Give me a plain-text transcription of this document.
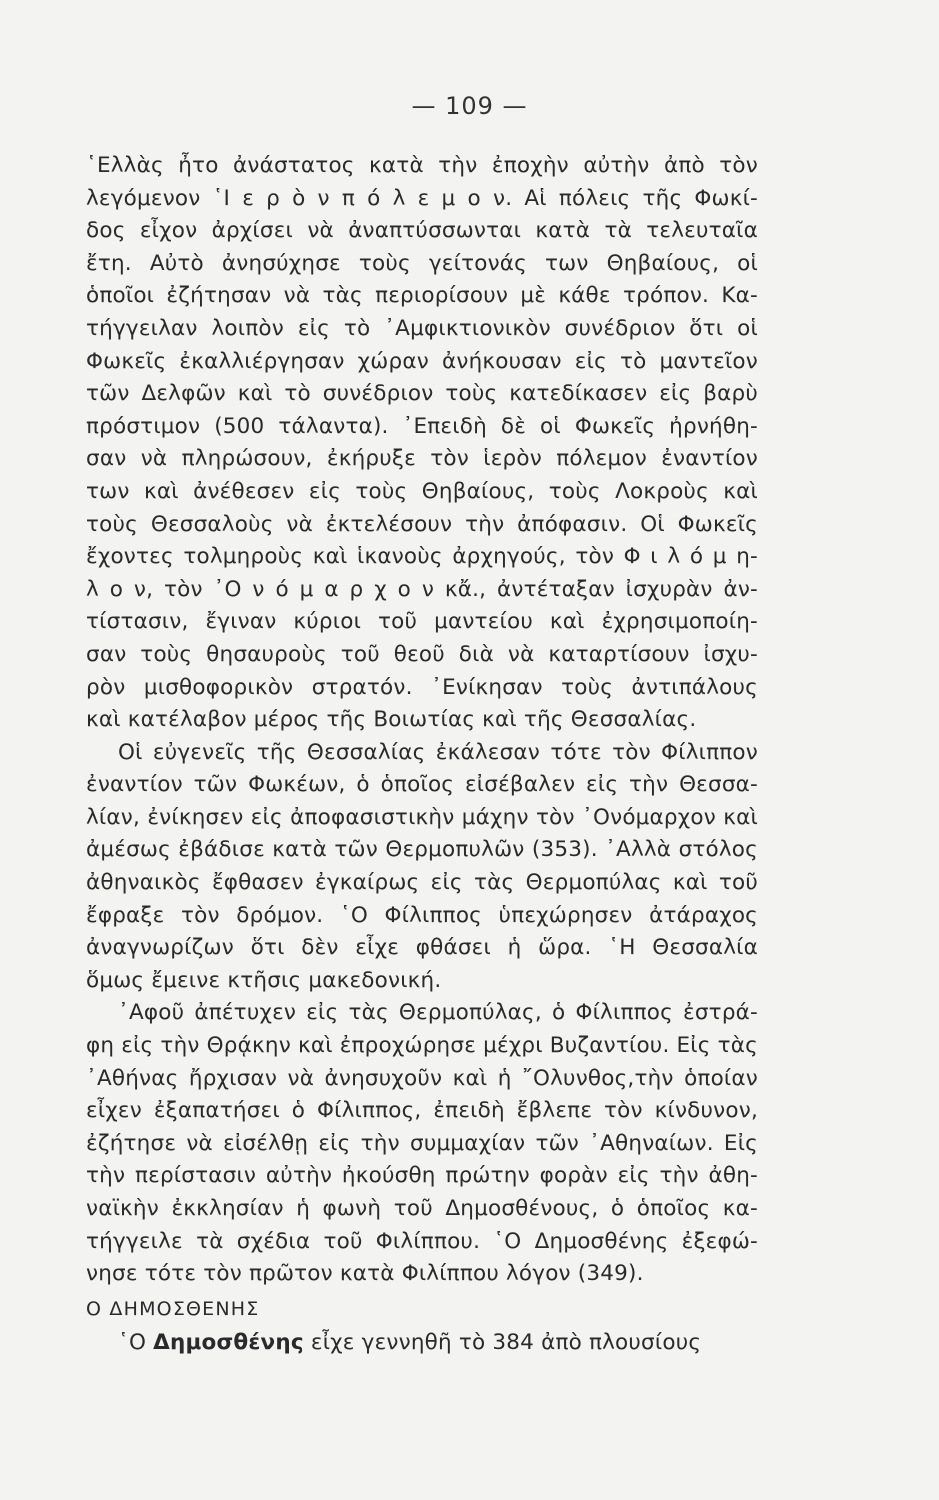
— 109 —
῾Ελλὰς ἦτο ἀνάστατος κατὰ τὴν ἐποχὴν αὐτὴν ἀπὸ τὸν
λεγόμενον ῾Ι ε ρ ὸ ν π ό λ ε μ ο ν. Αἱ πόλεις τῆς Φωκί-
δος εἶχον ἀρχίσει νὰ ἀναπτύσσωνται κατὰ τὰ τελευταῖα
ἔτη. Αὐτὸ ἀνησύχησε τοὺς γείτονάς των Θηβαίους, οἱ
ὁποῖοι ἐζήτησαν νὰ τὰς περιορίσουν μὲ κάθε τρόπον. Κα-
τήγγειλαν λοιπὸν εἰς τὸ ᾿Αμφικτιονικὸν συνέδριον ὅτι οἱ
Φωκεῖς ἐκαλλιέργησαν χώραν ἀνήκουσαν εἰς τὸ μαντεῖον
τῶν Δελφῶν καὶ τὸ συνέδριον τοὺς κατεδίκασεν εἰς βαρὺ
πρόστιμον (500 τάλαντα). ᾿Επειδὴ δὲ οἱ Φωκεῖς ἠρνήθη-
σαν νὰ πληρώσουν, ἐκήρυξε τὸν ἱερὸν πόλεμον ἐναντίον
των καὶ ἀνέθεσεν εἰς τοὺς Θηβαίους, τοὺς Λοκροὺς καὶ
τοὺς Θεσσαλοὺς νὰ ἐκτελέσουν τὴν ἀπόφασιν. Οἱ Φωκεῖς
ἔχοντες τολμηροὺς καὶ ἱκανοὺς ἀρχηγούς, τὸν Φ ι λ ό μ η-
λ ο ν, τὸν ᾿Ο ν ό μ α ρ χ ο ν κἄ., ἀντέταξαν ἰσχυρὰν ἀν-
τίστασιν, ἔγιναν κύριοι τοῦ μαντείου καὶ ἐχρησιμοποίη-
σαν τοὺς θησαυροὺς τοῦ θεοῦ διὰ νὰ καταρτίσουν ἰσχυ-
ρὸν μισθοφορικὸν στρατόν. ᾿Ενίκησαν τοὺς ἀντιπάλους
καὶ κατέλαβον μέρος τῆς Βοιωτίας καὶ τῆς Θεσσαλίας.
Οἱ εὐγενεῖς τῆς Θεσσαλίας ἐκάλεσαν τότε τὸν Φίλιππον
ἐναντίον τῶν Φωκέων, ὁ ὁποῖος εἰσέβαλεν εἰς τὴν Θεσσα-
λίαν, ἐνίκησεν εἰς ἀποφασιστικὴν μάχην τὸν ᾿Ονόμαρχον καὶ
ἀμέσως ἐβάδισε κατὰ τῶν Θερμοπυλῶν (353). ᾿Αλλὰ στόλος
ἀθηναικὸς ἔφθασεν ἐγκαίρως εἰς τὰς Θερμοπύλας καὶ τοῦ
ἔφραξε τὸν δρόμον. ῾Ο Φίλιππος ὑπεχώρησεν ἀτάραχος
ἀναγνωρίζων ὅτι δὲν εἶχε φθάσει ἡ ὥρα. ῾Η Θεσσαλία
ὅμως ἔμεινε κτῆσις μακεδονική.
᾿Αφοῦ ἀπέτυχεν εἰς τὰς Θερμοπύλας, ὁ Φίλιππος ἐστρά-
φη εἰς τὴν Θρᾴκην καὶ ἐπροχώρησε μέχρι Βυζαντίου. Εἰς τὰς
᾿Αθήνας ἤρχισαν νὰ ἀνησυχοῦν καὶ ἡ ῎Ολυνθος,τὴν ὁποίαν
εἶχεν ἐξαπατήσει ὁ Φίλιππος, ἐπειδὴ ἔβλεπε τὸν κίνδυνον,
ἐζήτησε νὰ εἰσέλθῃ εἰς τὴν συμμαχίαν τῶν ᾿Αθηναίων. Εἰς
τὴν περίστασιν αὐτὴν ἠκούσθη πρώτην φορὰν εἰς τὴν ἀθη-
ναϊκὴν ἐκκλησίαν ἡ φωνὴ τοῦ Δημοσθένους, ὁ ὁποῖος κα-
τήγγειλε τὰ σχέδια τοῦ Φιλίππου. ῾Ο Δημοσθένης ἐξεφώ-
νησε τότε τὸν πρῶτον κατὰ Φιλίππου λόγον (349).
Ο ΔΗΜΟΣΘΕΝΗΣ
῾Ο Δημοσθένης εἶχε γεννηθῆ τὸ 384 ἀπὸ πλουσίους
